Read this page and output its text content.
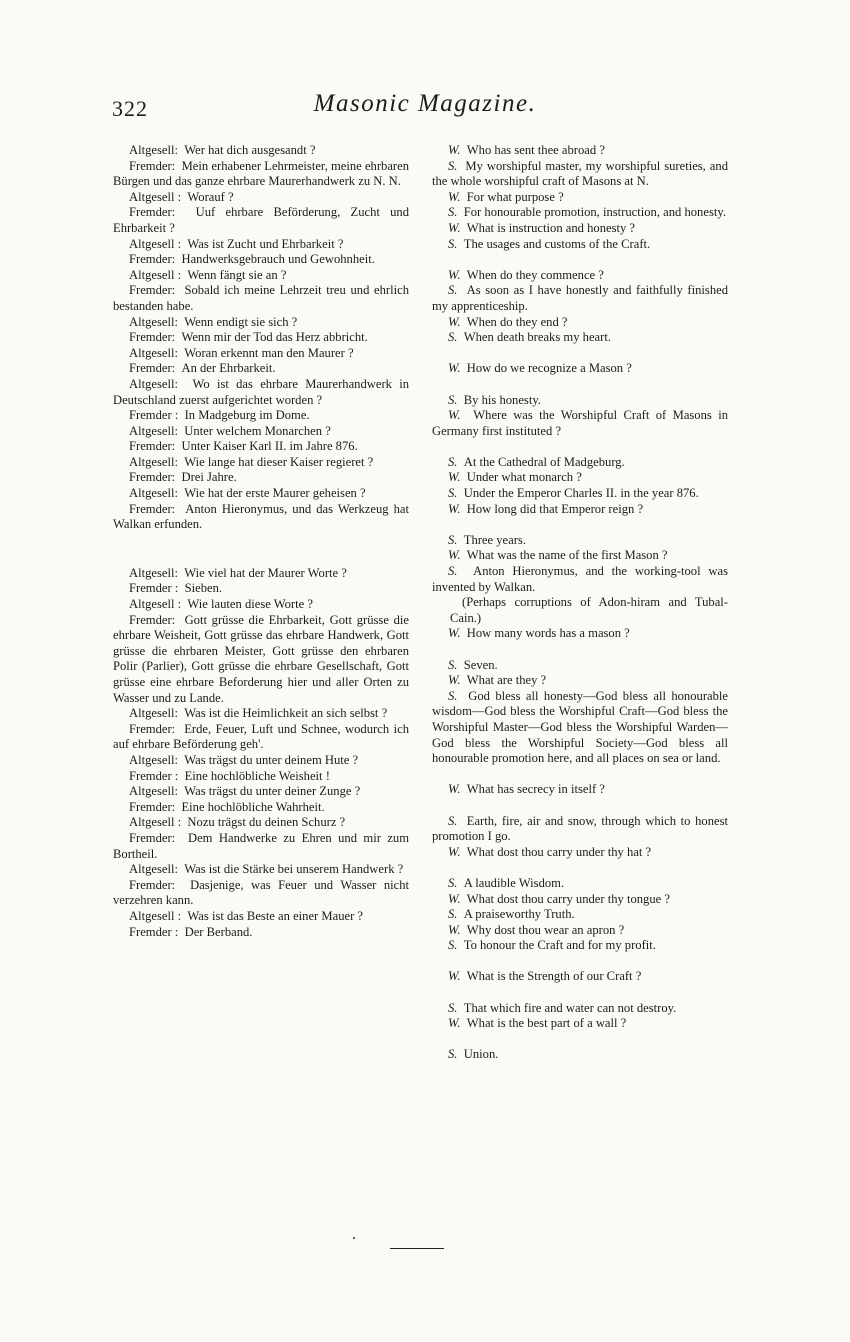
322	Masonic Magazine.
Altgesell: Wer hat dich ausgesandt ?
Fremder: Mein erhabener Lehrmeister, meine ehrbaren Bürgen und das ganze ehrbare Maurerhandwerk zu N. N.
Altgesell : Worauf ?
Fremder: Uuf ehrbare Beförderung, Zucht und Ehrbarkeit ?
Altgesell : Was ist Zucht und Ehrbarkeit ?
Fremder: Handwerksgebrauch und Gewohnheit.
Altgesell : Wenn fängt sie an ?
Fremder: Sobald ich meine Lehrzeit treu und ehrlich bestanden habe.
Altgesell: Wenn endigt sie sich ?
Fremder: Wenn mir der Tod das Herz abbricht.
Altgesell: Woran erkennt man den Maurer ?
Fremder: An der Ehrbarkeit.
Altgesell: Wo ist das ehrbare Maurerhandwerk in Deutschland zuerst aufgerichtet worden ?
Fremder : In Madgeburg im Dome.
Altgesell: Unter welchem Monarchen ?
Fremder: Unter Kaiser Karl II. im Jahre 876.
Altgesell: Wie lange hat dieser Kaiser regieret ?
Fremder: Drei Jahre.
Altgesell: Wie hat der erste Maurer geheisen ?
Fremder: Anton Hieronymus, und das Werkzeug hat Walkan erfunden.
Altgesell: Wie viel hat der Maurer Worte ?
Fremder : Sieben.
Altgesell : Wie lauten diese Worte ?
Fremder: Gott grüsse die Ehrbarkeit, Gott grüsse die ehrbare Weisheit, Gott grüsse das ehrbare Handwerk, Gott grüsse die ehrbaren Meister, Gott grüsse den ehrbaren Polir (Parlier), Gott grüsse die ehrbare Gesellschaft, Gott grüsse eine ehrbare Beforderung hier und aller Orten zu Wasser und zu Lande.
Altgesell: Was ist die Heimlichkeit an sich selbst ?
Fremder: Erde, Feuer, Luft und Schnee, wodurch ich auf ehrbare Beförderung geh'.
Altgesell: Was trägst du unter deinem Hute ?
Fremder : Eine hochlöbliche Weisheit !
Altgesell: Was trägst du unter deiner Zunge ?
Fremder: Eine hochlöbliche Wahrheit.
Altgesell : Nozu trägst du deinen Schurz ?
Fremder: Dem Handwerke zu Ehren und mir zum Bortheil.
Altgesell: Was ist die Stärke bei unserem Handwerk ?
Fremder: Dasjenige, was Feuer und Wasser nicht verzehren kann.
Altgesell : Was ist das Beste an einer Mauer ?
Fremder : Der Berband.
W. Who has sent thee abroad ?
S. My worshipful master, my worshipful sureties, and the whole worshipful craft of Masons at N.
W. For what purpose ?
S. For honourable promotion, instruction, and honesty.
W. What is instruction and honesty ?
S. The usages and customs of the Craft.
W. When do they commence ?
S. As soon as I have honestly and faithfully finished my apprenticeship.
W. When do they end ?
S. When death breaks my heart.
W. How do we recognize a Mason ?
S. By his honesty.
W. Where was the Worshipful Craft of Masons in Germany first instituted ?
S. At the Cathedral of Madgeburg.
W. Under what monarch ?
S. Under the Emperor Charles II. in the year 876.
W. How long did that Emperor reign ?
S. Three years.
W. What was the name of the first Mason ?
S. Anton Hieronymus, and the working-tool was invented by Walkan.
(Perhaps corruptions of Adon-hiram and Tubal-Cain.)
W. How many words has a mason ?
S. Seven.
W. What are they ?
S. God bless all honesty—God bless all honourable wisdom—God bless the Worshipful Craft—God bless the Worshipful Master—God bless the Worshipful Warden—God bless the Worshipful Society—God bless all honourable promotion here, and all places on sea or land.
W. What has secrecy in itself ?
S. Earth, fire, air and snow, through which to honest promotion I go.
W. What dost thou carry under thy hat ?
S. A laudible Wisdom.
W. What dost thou carry under thy tongue ?
S. A praiseworthy Truth.
W. Why dost thou wear an apron ?
S. To honour the Craft and for my profit.
W. What is the Strength of our Craft ?
S. That which fire and water can not destroy.
W. What is the best part of a wall ?
S. Union.
